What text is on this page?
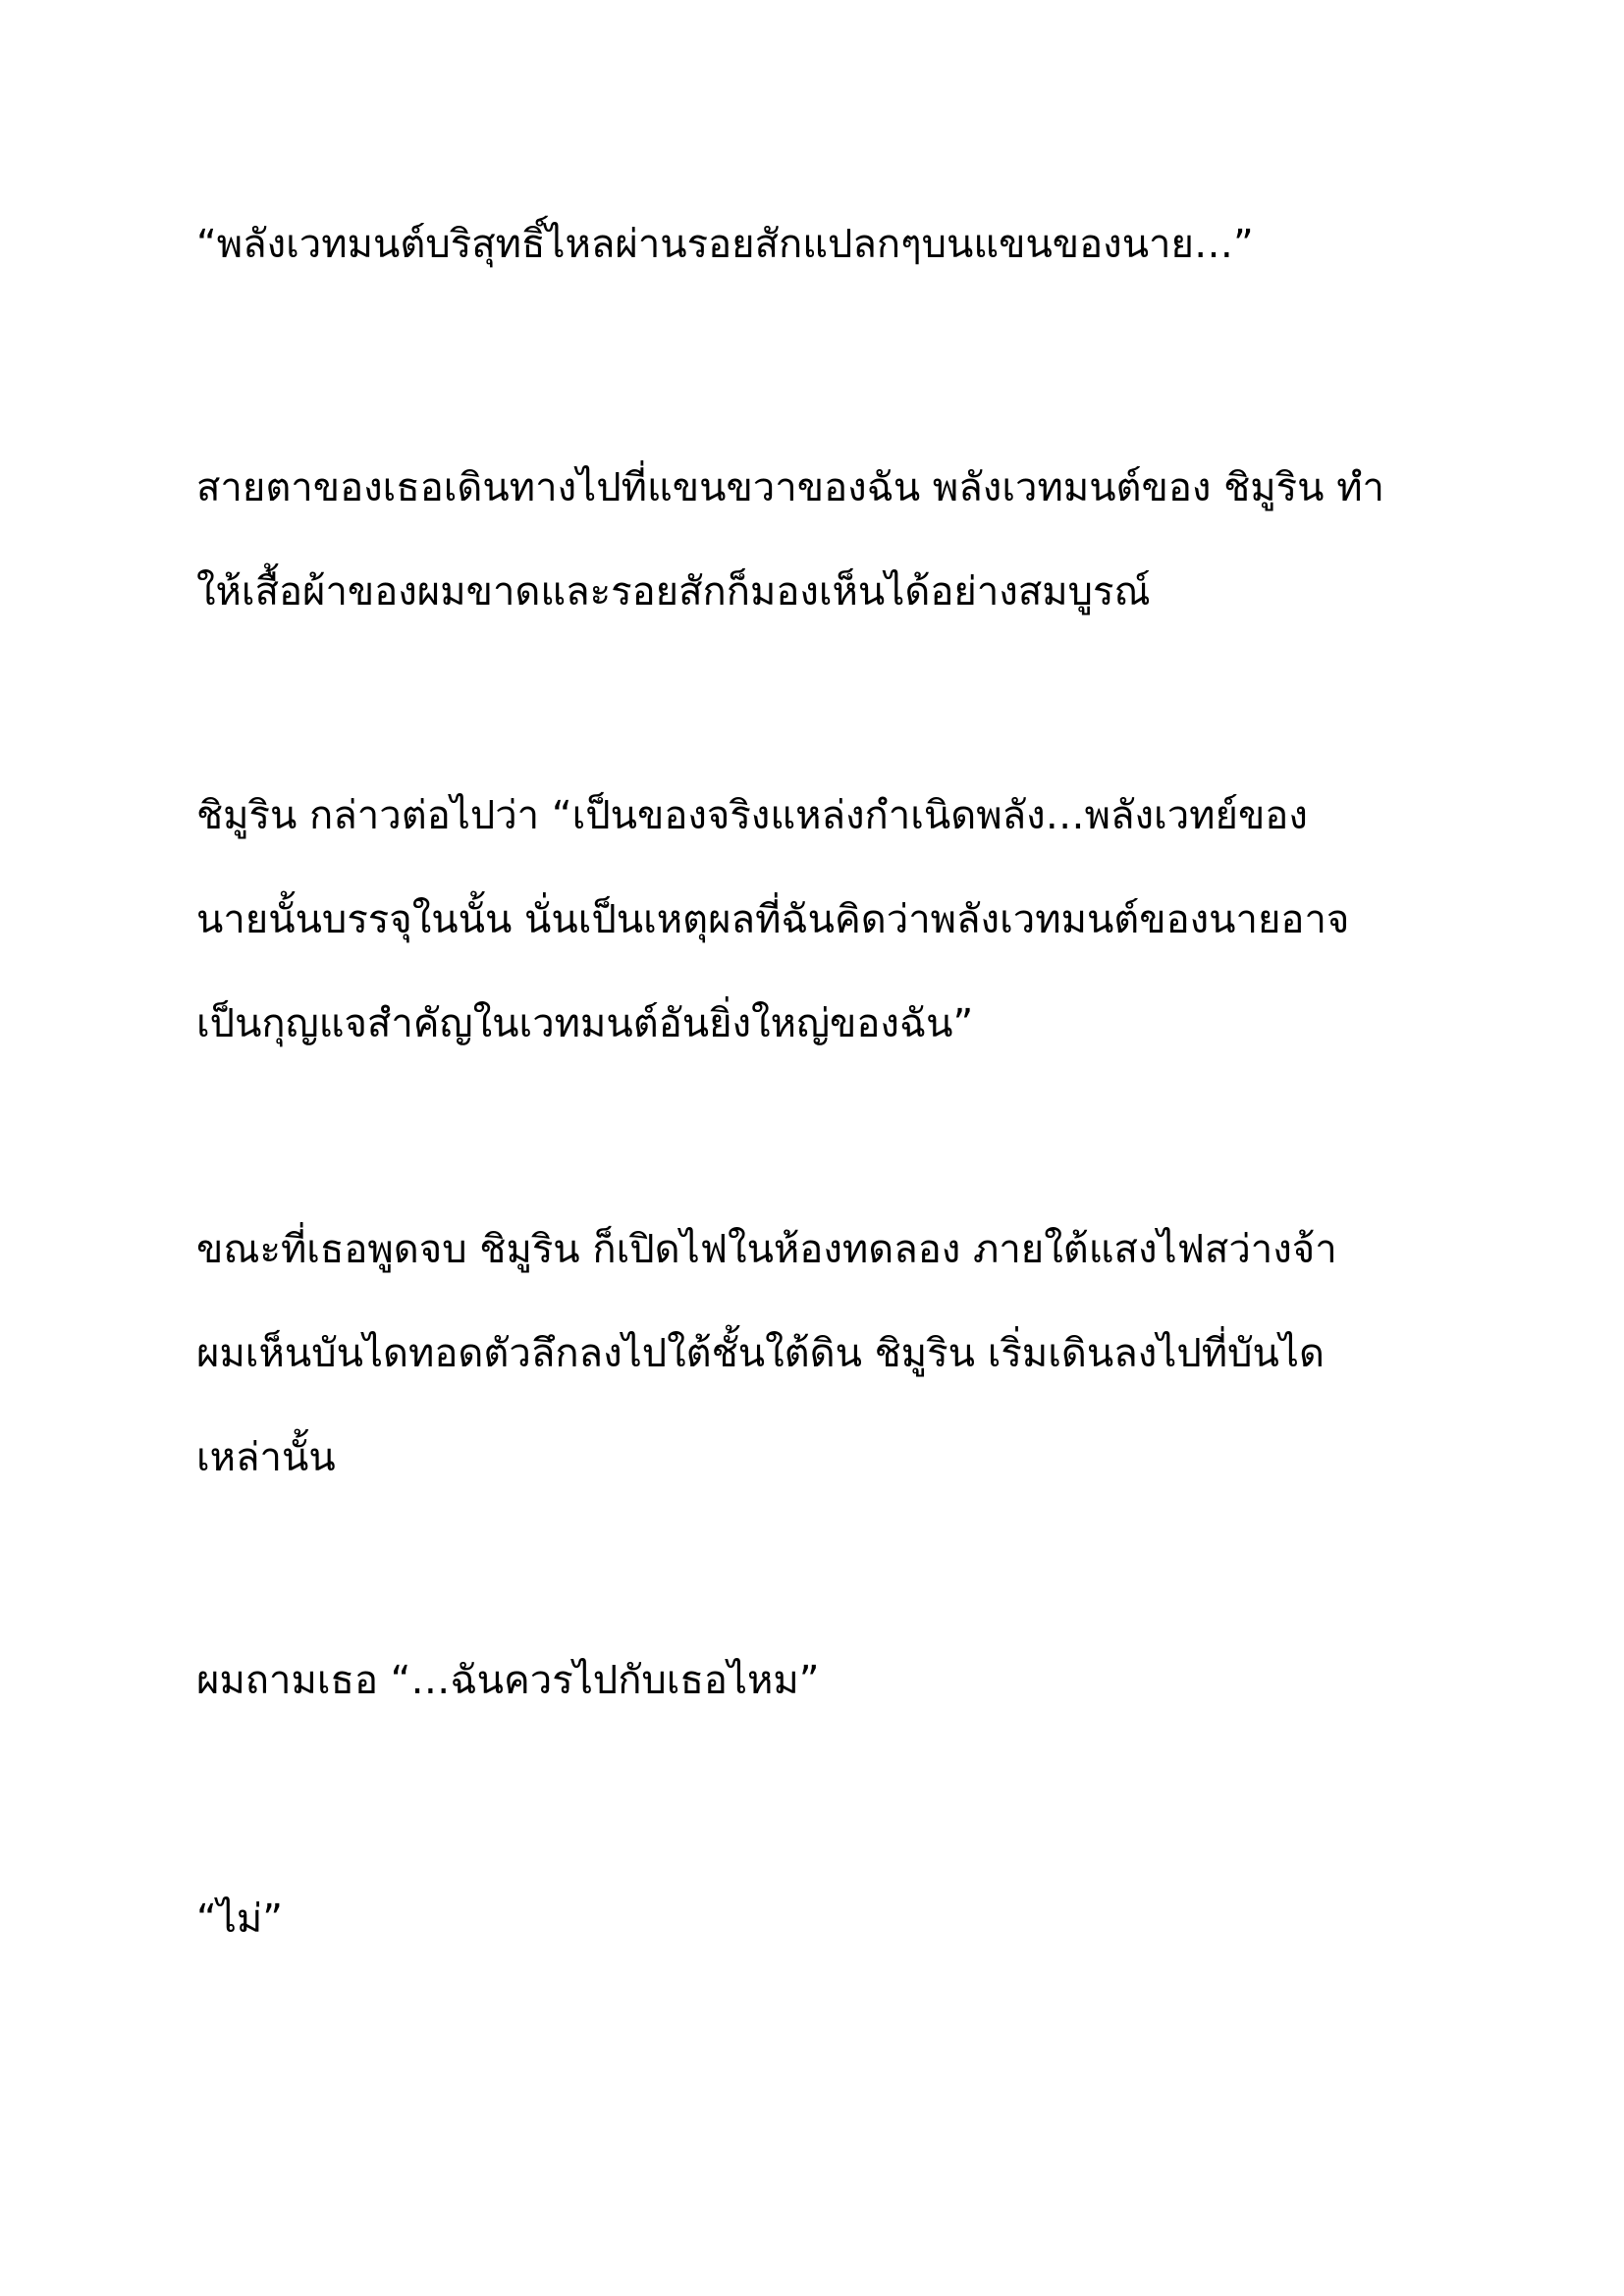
“พลังเวทมนต์บริสุทธิ์ไหลผ่านรอยสักแปลกๆบนแขนของนาย…”

สายตาของเธอเดินทางไปที่แขนขวาของฉัน พลังเวทมนต์ของ ชิมูริน ทำ
ให้เสื้อผ้าของผมขาดและรอยสักก็มองเห็นได้อย่างสมบูรณ์

ชิมูริน กล่าวต่อไปว่า “เป็นของจริงแหล่งกำเนิดพลัง…พลังเวทย์ของ
นายนั้นบรรจุในนั้น นั่นเป็นเหตุผลที่ฉันคิดว่าพลังเวทมนต์ของนายอาจ
เป็นกุญแจสำคัญในเวทมนต์อันยิ่งใหญ่ของฉัน”

ขณะที่เธอพูดจบ ชิมูริน ก็เปิดไฟในห้องทดลอง ภายใต้แสงไฟสว่างจ้า
ผมเห็นบันไดทอดตัวลึกลงไปใต้ชั้นใต้ดิน ชิมูริน เริ่มเดินลงไปที่บันได
เหล่านั้น

ผมถามเธอ “…ฉันควรไปกับเธอไหม”

“ไม่”
